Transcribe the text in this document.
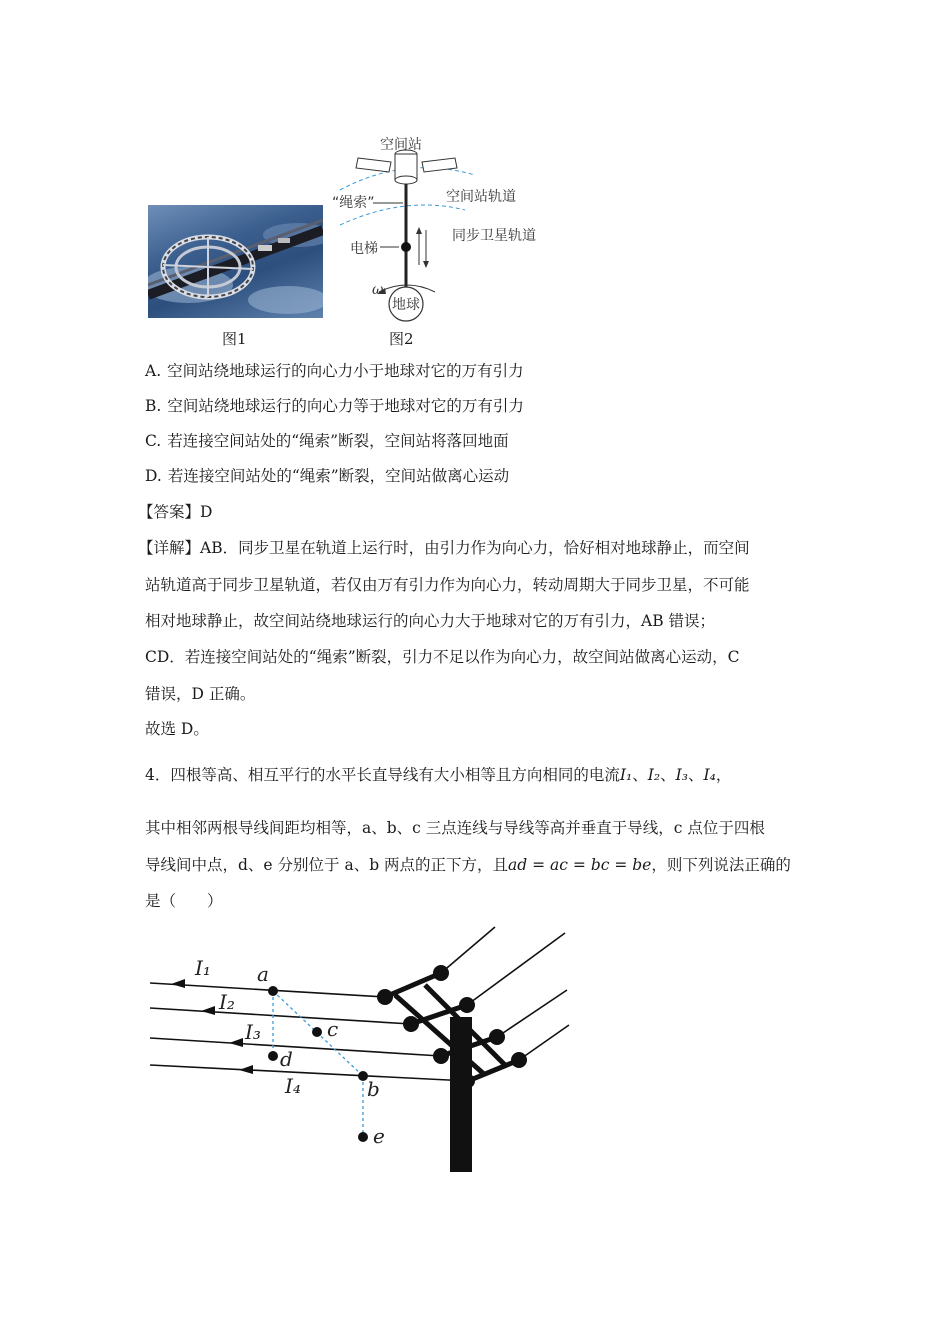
图1
空间站
“绳索”	空间站轨道
同步卫星轨道
电梯
ω
地球
图2
A. 空间站绕地球运行的向心力小于地球对它的万有引力
B. 空间站绕地球运行的向心力等于地球对它的万有引力
C. 若连接空间站处的“绳索”断裂，空间站将落回地面
D. 若连接空间站处的“绳索”断裂，空间站做离心运动
【答案】D
【详解】AB．同步卫星在轨道上运行时，由引力作为向心力，恰好相对地球静止，而空间
站轨道高于同步卫星轨道，若仅由万有引力作为向心力，转动周期大于同步卫星，不可能
相对地球静止，故空间站绕地球运行的向心力大于地球对它的万有引力，AB 错误；
CD．若连接空间站处的“绳索”断裂，引力不足以作为向心力，故空间站做离心运动，C
错误，D 正确。
故选 D。
4．四根等高、相互平行的水平长直导线有大小相等且方向相同的电流I₁、I₂、I₃、I₄，
其中相邻两根导线间距均相等，a、b、c 三点连线与导线等高并垂直于导线，c 点位于四根
导线间中点，d、e 分别位于 a、b 两点的正下方，且ad = ac = bc = be，则下列说法正确的
是（　　）
I₁
I₂
I₃
I₄
a
b
c
d
e
